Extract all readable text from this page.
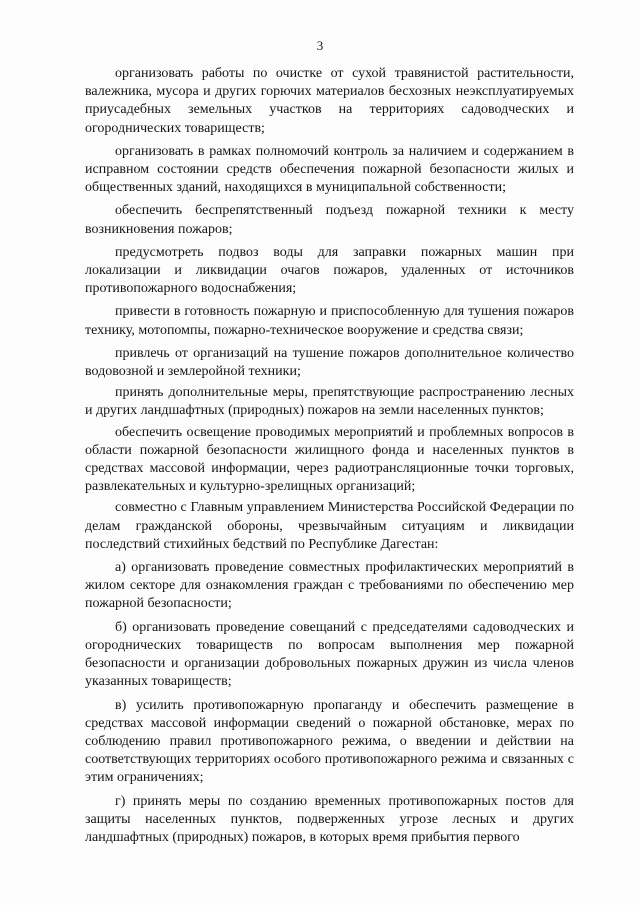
3

организовать работы по очистке от сухой травянистой растительности, валежника, мусора и других горючих материалов бесхозных неэксплуатируемых приусадебных земельных участков на территориях садоводческих и огороднических товариществ;

организовать в рамках полномочий контроль за наличием и содержанием в исправном состоянии средств обеспечения пожарной безопасности жилых и общественных зданий, находящихся в муниципальной собственности;

обеспечить беспрепятственный подъезд пожарной техники к месту возникновения пожаров;

предусмотреть подвоз воды для заправки пожарных машин при локализации и ликвидации очагов пожаров, удаленных от источников противопожарного водоснабжения;

привести в готовность пожарную и приспособленную для тушения пожаров технику, мотопомпы, пожарно-техническое вооружение и средства связи;

привлечь от организаций на тушение пожаров дополнительное количество водовозной и землеройной техники;

принять дополнительные меры, препятствующие распространению лесных и других ландшафтных (природных) пожаров на земли населенных пунктов;

обеспечить освещение проводимых мероприятий и проблемных вопросов в области пожарной безопасности жилищного фонда и населенных пунктов в средствах массовой информации, через радиотрансляционные точки торговых, развлекательных и культурно-зрелищных организаций;

совместно с Главным управлением Министерства Российской Федерации по делам гражданской обороны, чрезвычайным ситуациям и ликвидации последствий стихийных бедствий по Республике Дагестан:

а) организовать проведение совместных профилактических мероприятий в жилом секторе для ознакомления граждан с требованиями по обеспечению мер пожарной безопасности;

б) организовать проведение совещаний с председателями садоводческих и огороднических товариществ по вопросам выполнения мер пожарной безопасности и организации добровольных пожарных дружин из числа членов указанных товариществ;

в) усилить противопожарную пропаганду и обеспечить размещение в средствах массовой информации сведений о пожарной обстановке, мерах по соблюдению правил противопожарного режима, о введении и действии на соответствующих территориях особого противопожарного режима и связанных с этим ограничениях;

г) принять меры по созданию временных противопожарных постов для защиты населенных пунктов, подверженных угрозе лесных и других ландшафтных (природных) пожаров, в которых время прибытия первого
